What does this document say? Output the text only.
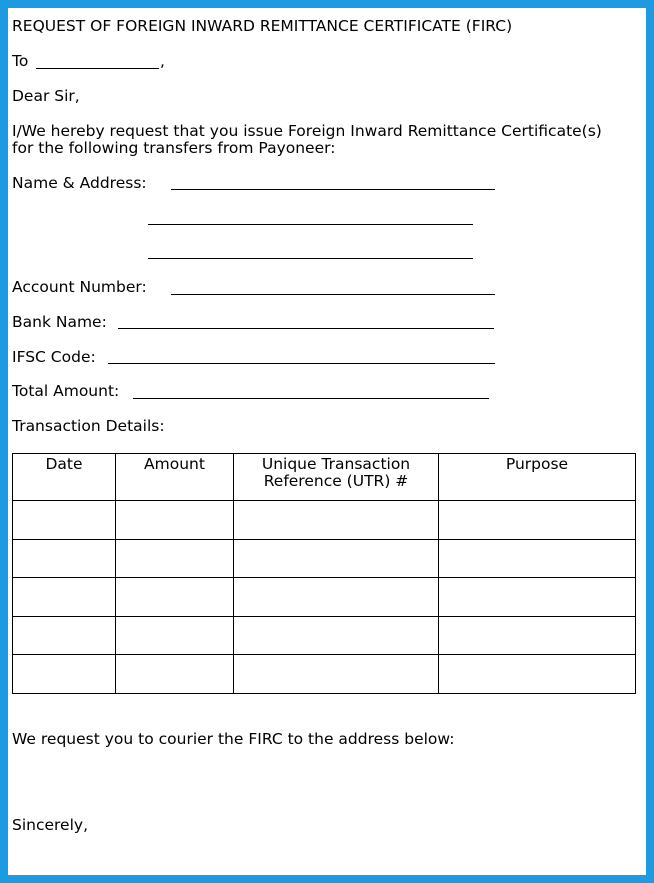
REQUEST OF FOREIGN INWARD REMITTANCE CERTIFICATE (FIRC)
To	,
Dear Sir,
I/We hereby request that you issue Foreign Inward Remittance Certificate(s)
for the following transfers from Payoneer:
Name & Address:
Account Number:
Bank Name:
IFSC Code:
Total Amount:
Transaction Details:
Date	Amount	Unique Transaction Reference (UTR) #	Purpose

We request you to courier the FIRC to the address below:
Sincerely,
